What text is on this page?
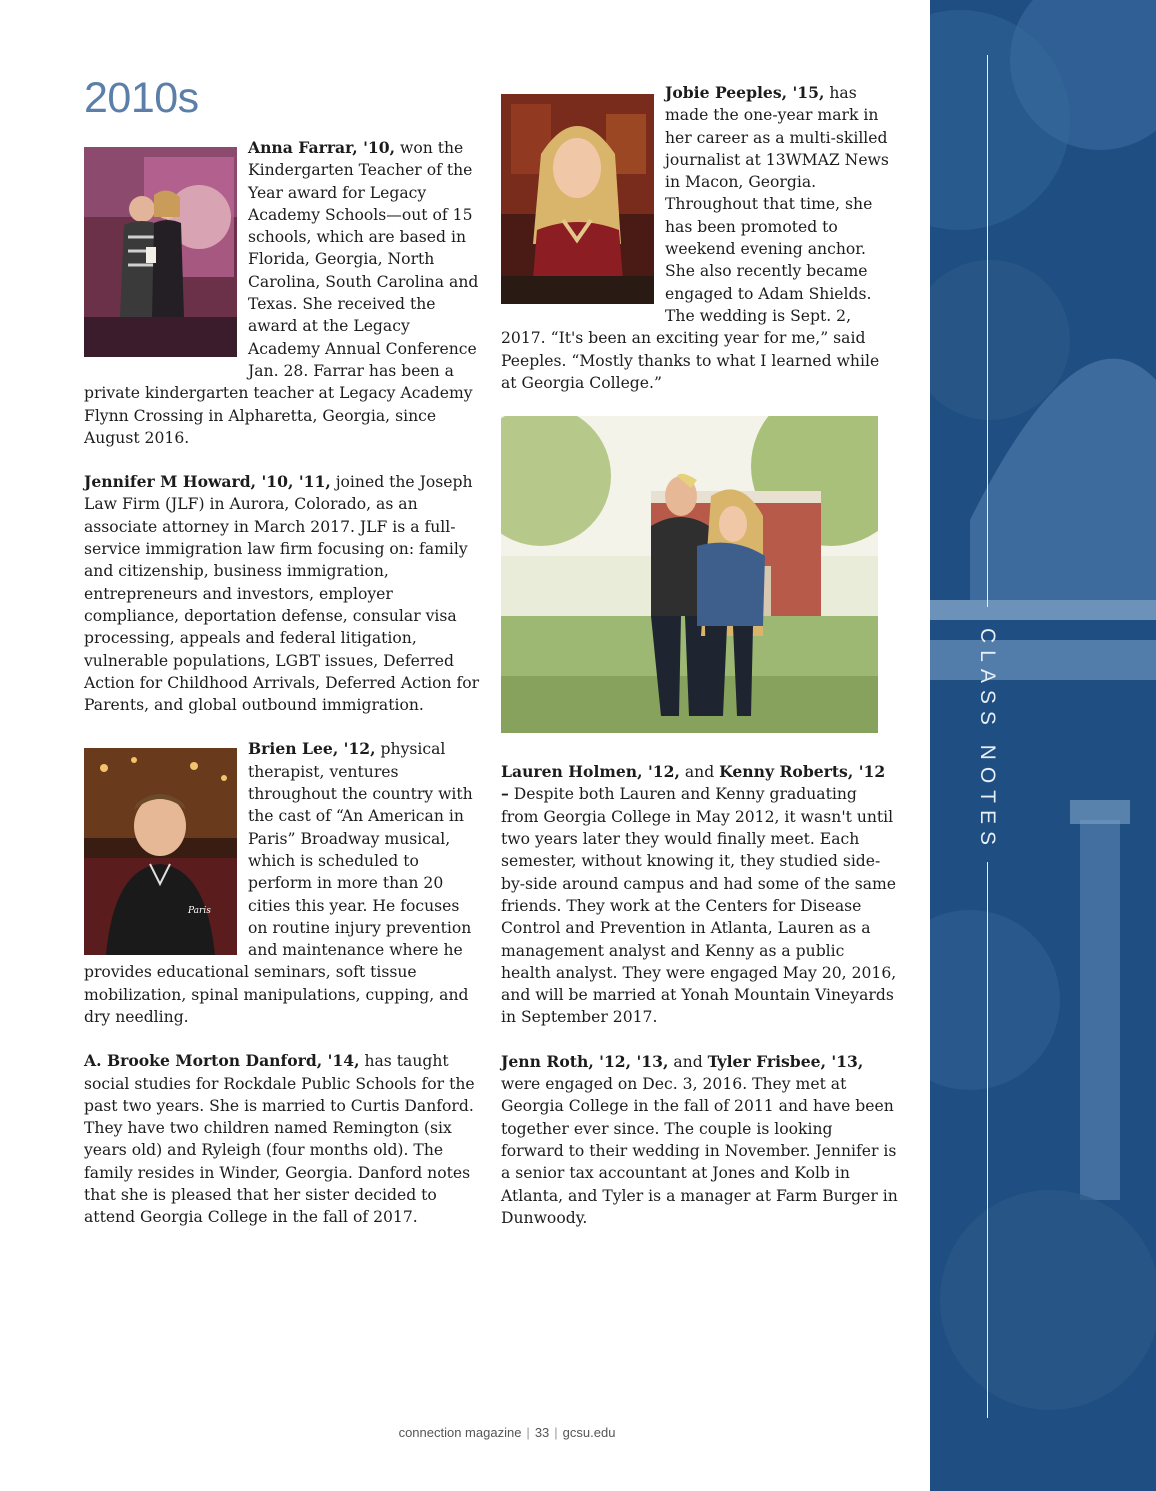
2010s

Anna Farrar, '10, won the Kindergarten Teacher of the Year award for Legacy Academy Schools—out of 15 schools, which are based in Florida, Georgia, North Carolina, South Carolina and Texas. She received the award at the Legacy Academy Annual Conference Jan. 28. Farrar has been a private kindergarten teacher at Legacy Academy Flynn Crossing in Alpharetta, Georgia, since August 2016.

Jennifer M Howard, '10, '11, joined the Joseph Law Firm (JLF) in Aurora, Colorado, as an associate attorney in March 2017. JLF is a full-service immigration law firm focusing on: family and citizenship, business immigration, entrepreneurs and investors, employer compliance, deportation defense, consular visa processing, appeals and federal litigation, vulnerable populations, LGBT issues, Deferred Action for Childhood Arrivals, Deferred Action for Parents, and global outbound immigration.

Paris
Brien Lee, '12, physical therapist, ventures throughout the country with the cast of “An American in Paris” Broadway musical, which is scheduled to perform in more than 20 cities this year. He focuses on routine injury prevention and maintenance where he provides educational seminars, soft tissue mobilization, spinal manipulations, cupping, and dry needling.

A. Brooke Morton Danford, '14, has taught social studies for Rockdale Public Schools for the past two years. She is married to Curtis Danford. They have two children named Remington (six years old) and Ryleigh (four months old). The family resides in Winder, Georgia. Danford notes that she is pleased that her sister decided to attend Georgia College in the fall of 2017.

Jobie Peeples, '15, has made the one-year mark in her career as a multi-skilled journalist at 13WMAZ News in Macon, Georgia. Throughout that time, she has been promoted to weekend evening anchor. She also recently became engaged to Adam Shields. The wedding is Sept. 2, 2017. “It's been an exciting year for me,” said Peeples. “Mostly thanks to what I learned while at Georgia College.”

Lauren Holmen, '12, and Kenny Roberts, '12 – Despite both Lauren and Kenny graduating from Georgia College in May 2012, it wasn't until two years later they would finally meet. Each semester, without knowing it, they studied side-by-side around campus and had some of the same friends. They work at the Centers for Disease Control and Prevention in Atlanta, Lauren as a management analyst and Kenny as a public health analyst. They were engaged May 20, 2016, and will be married at Yonah Mountain Vineyards in September 2017.

Jenn Roth, '12, '13, and Tyler Frisbee, '13, were engaged on Dec. 3, 2016. They met at Georgia College in the fall of 2011 and have been together ever since. The couple is looking forward to their wedding in November. Jennifer is a senior tax accountant at Jones and Kolb in Atlanta, and Tyler is a manager at Farm Burger in Dunwoody.

CLASS NOTES
connection magazine | 33 | gcsu.edu
